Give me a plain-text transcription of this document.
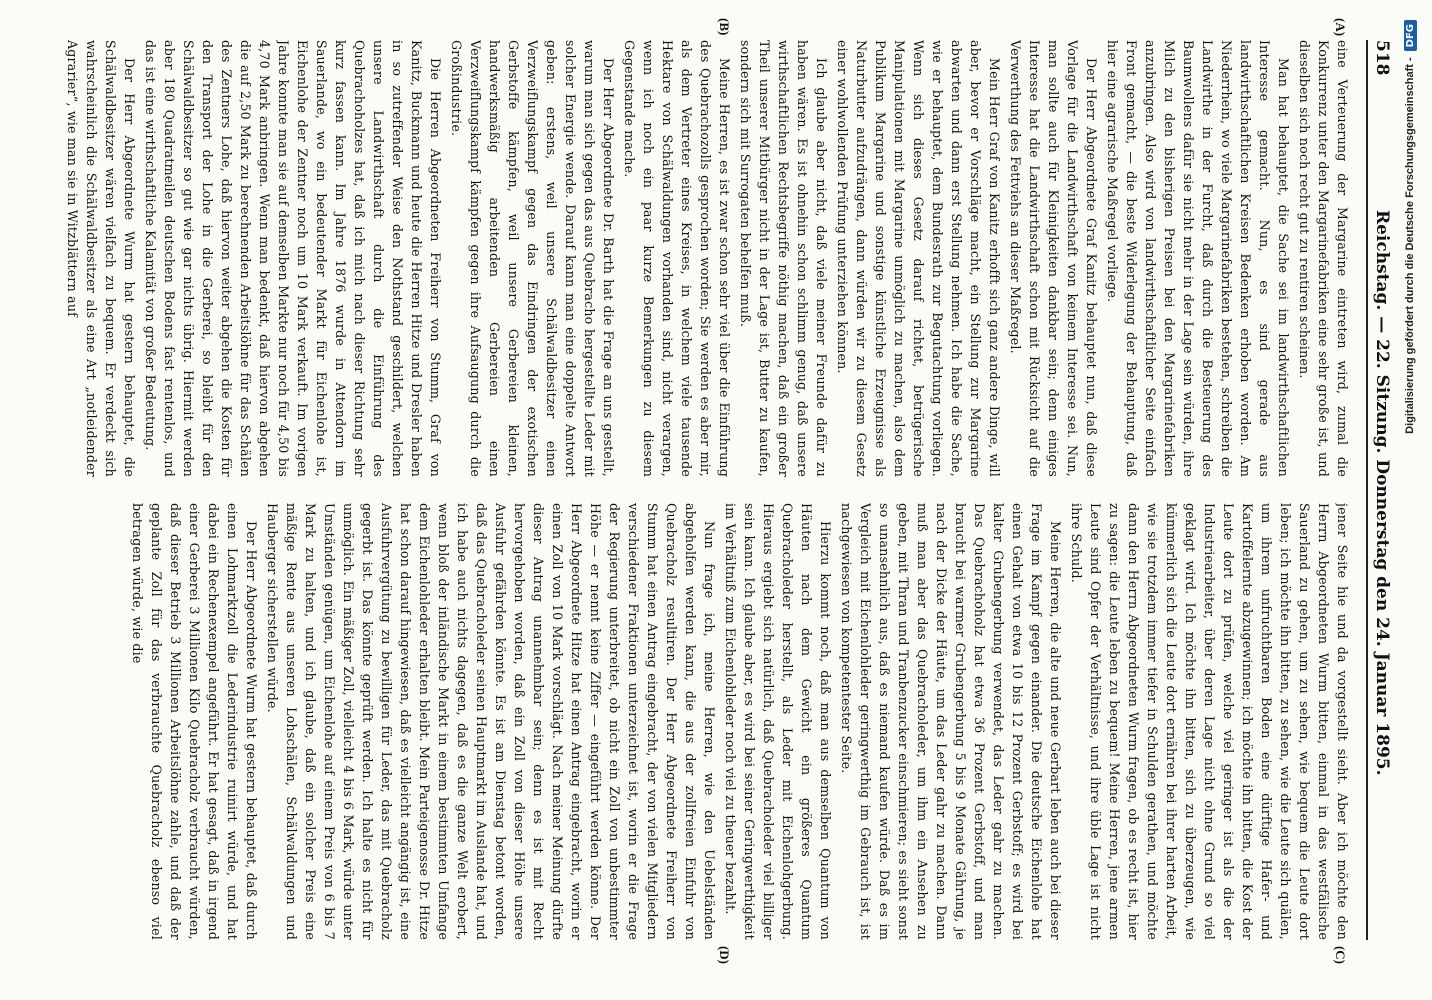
518
Reichstag. — 22. Sitzung. Donnerstag den 24. Januar 1895.
(A)
(B)
(C)
(D)

eine Verteuerung der Margarine eintreten wird, zumal die Konkurrenz unter den Margarinefabriken eine sehr große ist, und dieselben sich noch recht gut zu rentiren scheinen.

Man hat behauptet, die Sache sei im landwirthschaftlichen Interesse gemacht. Nun, es sind gerade aus landwirthschaftlichen Kreisen Bedenken erhoben worden. Am Niederrhein, wo viele Margarinefabriken bestehen, schreiben die Landwirthe in der Furcht, daß durch die Besteuerung des Baumwollens dafür sie nicht mehr in der Lage sein würden, ihre Milch zu den bisherigen Preisen bei den Margarinefabriken anzubringen. Also wird von landwirthschaftlicher Seite einfach Front gemacht, — die beste Widerlegung der Behauptung, daß hier eine agrarische Maßregel vorliege.

Der Herr Abgeordnete Graf Kanitz behauptet nun, daß diese Vorlage für die Landwirthschaft von keinem Interesse sei. Nun, man sollte auch für Kleinigkeiten dankbar sein; denn einiges Interesse hat die Landwirthschaft schon mit Rücksicht auf die Verwerthung des Fettviehs an dieser Maßregel.

Mein Herr Graf von Kanitz erhofft sich ganz andere Dinge, will aber, bevor er Vorschläge macht, ein Stellung zur Margarine abwarten und dann erst Stellung nehmen. Ich habe die Sache, wie er behauptet, dem Bundesrath zur Begutachtung vorliegen. Wenn sich dieses Gesetz darauf richtet, betrügerische Manipulationen mit Margarine unmöglich zu machen, also dem Publikum Margarine und sonstige künstliche Erzeugnisse als Naturbutter aufzudrängen, dann würden wir zu diesem Gesetz einer wohlwollenden Prüfung unterziehen können.

Ich glaube aber nicht, daß viele meiner Freunde dafür zu haben wären. Es ist ohnehin schon schlimm genug, daß unsere wirthschaftlichen Rechtsbegriffe nöthig machen, daß ein großer Theil unserer Mitbürger nicht in der Lage ist, Butter zu kaufen, sondern sich mit Surrogaten behelfen muß.

Meine Herren, es ist zwar schon sehr viel über die Einführung des Quebrachozolls gesprochen worden; Sie werden es aber mir, als dem Vertreter eines Kreises, in welchem viele tausende Hektare von Schälwaldungen vorhanden sind, nicht verargen, wenn ich noch ein paar kurze Bemerkungen zu diesem Gegenstande mache.

Der Herr Abgeordnete Dr. Barth hat die Frage an uns gestellt, warum man sich gegen das aus Quebracho hergestellte Leder mit solcher Energie wende. Darauf kann man eine doppelte Antwort geben: erstens, weil unsere Schälwaldbesitzer einen Verzweiflungskampf gegen das Eindringen der exotischen Gerbstoffe kämpfen, weil unsere Gerbereien kleinen, handwerksmäßig arbeitenden Gerbereien einen Verzweiflungskampf kämpfen gegen ihre Aufsaugung durch die Großindustrie.

Die Herren Abgeordneten Freiherr von Stumm, Graf von Kanitz, Buckmann und heute die Herren Hitze und Dresler haben in so zutreffender Weise den Nothstand geschildert, welchen unsere Landwirthschaft durch die Einführung des Quebrachoholzes hat, daß ich mich nach dieser Richtung sehr kurz fassen kann. Im Jahre 1876 wurde in Attendorn im Sauerlande, wo ein bedeutender Markt für Eichenlohe ist, Eichenlohe der Zentner noch um 10 Mark verkauft. Im vorigen Jahre konnte man sie auf demselben Markte nur noch für 4,50 bis 4,70 Mark anbringen. Wenn man bedenkt, daß hiervon abgehen die auf 2,50 Mark zu berechnenden Arbeitslöhne für das Schälen des Zentners Lohe, daß hiervon weiter abgehen die Kosten für den Transport der Lohe in die Gerberei, so bleibt für den Schälwaldbesitzer so gut wie gar nichts übrig. Hiermit werden aber 180 Quadratmeilen deutschen Bodens fast rentenlos, und das ist eine wirthschaftliche Kalamität von großer Bedeutung.

Der Herr Abgeordnete Wurm hat gestern behauptet, die Schälwaldbesitzer wären vielfach zu bequem. Er verdeckt sich wahrscheinlich die Schälwaldbesitzer als eine Art „notleidender Agrarier“, wie man sie in Witzblättern auf

jener Seite hie und da vorgestellt sieht. Aber ich möchte den Herrn Abgeordneten Wurm bitten, einmal in das westfälische Sauerland zu gehen, um zu sehen, wie bequem die Leute dort leben; ich möchte ihn bitten, zu sehen, wie die Leute sich quälen, um ihrem unfruchtbaren Boden eine dürftige Hafer- und Kartoffelernte abzugewinnen; ich möchte ihn bitten, die Kost der Leute dort zu prüfen, welche viel geringer ist als die der Industriearbeiter, über deren Lage nicht ohne Grund so viel geklagt wird. Ich möchte ihn bitten, sich zu überzeugen, wie kümmerlich sich die Leute dort ernähren bei ihrer harten Arbeit, wie sie trotzdem immer tiefer in Schulden gerathen, und möchte dann den Herrn Abgeordneten Wurm fragen, ob es recht ist, hier zu sagen: die Leute leben zu bequem! Meine Herren, jene armen Leute sind Opfer der Verhältnisse, und ihre üble Lage ist nicht ihre Schuld.

Meine Herren, die alte und neue Gerbart leben auch bei dieser Frage im Kampf gegen einander. Die deutsche Eichenlohe hat einen Gehalt von etwa 10 bis 12 Prozent Gerbstoff; es wird bei kalter Grubengerbung verwendet, das Leder gahr zu machen. Das Quebrachoholz hat etwa 36 Prozent Gerbstoff, und man braucht bei warmer Grubengerbung 5 bis 9 Monate Gährung, je nach der Dicke der Häute, um das Leder gahr zu machen. Dann muß man aber das Quebracholeder, um ihm ein Ansehen zu geben, mit Thran und Tranbenzucker einschmieren; es sieht sonst so unansehnlich aus, daß es niemand kaufen würde. Daß es im Vergleich mit Eichenlohleder geringwerthig im Gebrauch ist, ist nachgewiesen von kompetentester Seite.

Hierzu kommt noch, daß man aus demselben Quantum von Häuten nach dem Gewicht ein größeres Quantum Quebracholeder herstellt, als Leder mit Eichenlohgerbung. Hieraus ergiebt sich natürlich, daß Quebracholeder viel billiger sein kann. Ich glaube aber, es wird bei seiner Geringwerthigkeit im Verhältniß zum Eichenlohleder noch viel zu theuer bezahlt.

Nun frage ich, meine Herren, wie den Uebelständen abgeholfen werden kann, die aus der zollfreien Einfuhr von Quebracholz resultiren. Der Herr Abgeordnete Freiherr von Stumm hat einen Antrag eingebracht, der von vielen Mitgliedern verschiedener Fraktionen unterzeichnet ist, worin er die Frage der Regierung unterbreitet, ob nicht ein Zoll von unbestimmter Höhe — er nennt keine Ziffer — eingeführt werden könne. Der Herr Abgeordnete Hitze hat einen Antrag eingebracht, worin er einen Zoll von 10 Mark vorschlägt. Nach meiner Meinung dürfte dieser Antrag unannehmbar sein; denn es ist mit Recht hervorgehoben worden, daß ein Zoll von dieser Höhe unsere Ausfuhr gefährden könnte. Es ist am Dienstag betont worden, daß das Quebracholeder seinen Hauptmarkt im Auslande hat, und ich habe auch nichts dagegen, daß es die ganze Welt erobert, wenn bloß der inländische Markt in einem bestimmten Umfange dem Eichenlohleder erhalten bleibt. Mein Parteigenosse Dr. Hitze hat schon darauf hingewiesen, daß es vielleicht angängig ist, eine Ausfuhrvergütung zu bewilligen für Leder, das mit Quebracholz gegerbt ist. Das könnte geprüft werden. Ich halte es nicht für unmöglich. Ein mäßiger Zoll, vielleicht 4 bis 6 Mark, würde unter Umständen genügen, um Eichenlohe auf einem Preis von 6 bis 7 Mark zu halten, und ich glaube, daß ein solcher Preis eine mäßige Rente aus unseren Lohschälen, Schälwaldungen und Hauberger sicherstellen würde.

Der Herr Abgeordnete Wurm hat gestern behauptet, daß durch einen Lohmarktzoll die Lederindustrie ruinirt würde, und hat dabei ein Rechenexempel angeführt. Er hat gesagt, daß in irgend einer Gerberei 3 Millionen Kilo Quebracholz verbraucht würden, daß dieser Betrieb 3 Millionen Arbeitslöhne zahle, und daß der geplante Zoll für das verbrauchte Quebracholz ebenso viel betragen würde, wie die

Digitalisierung gefördert durch die Deutsche Forschungsgemeinschaft -
DFG
